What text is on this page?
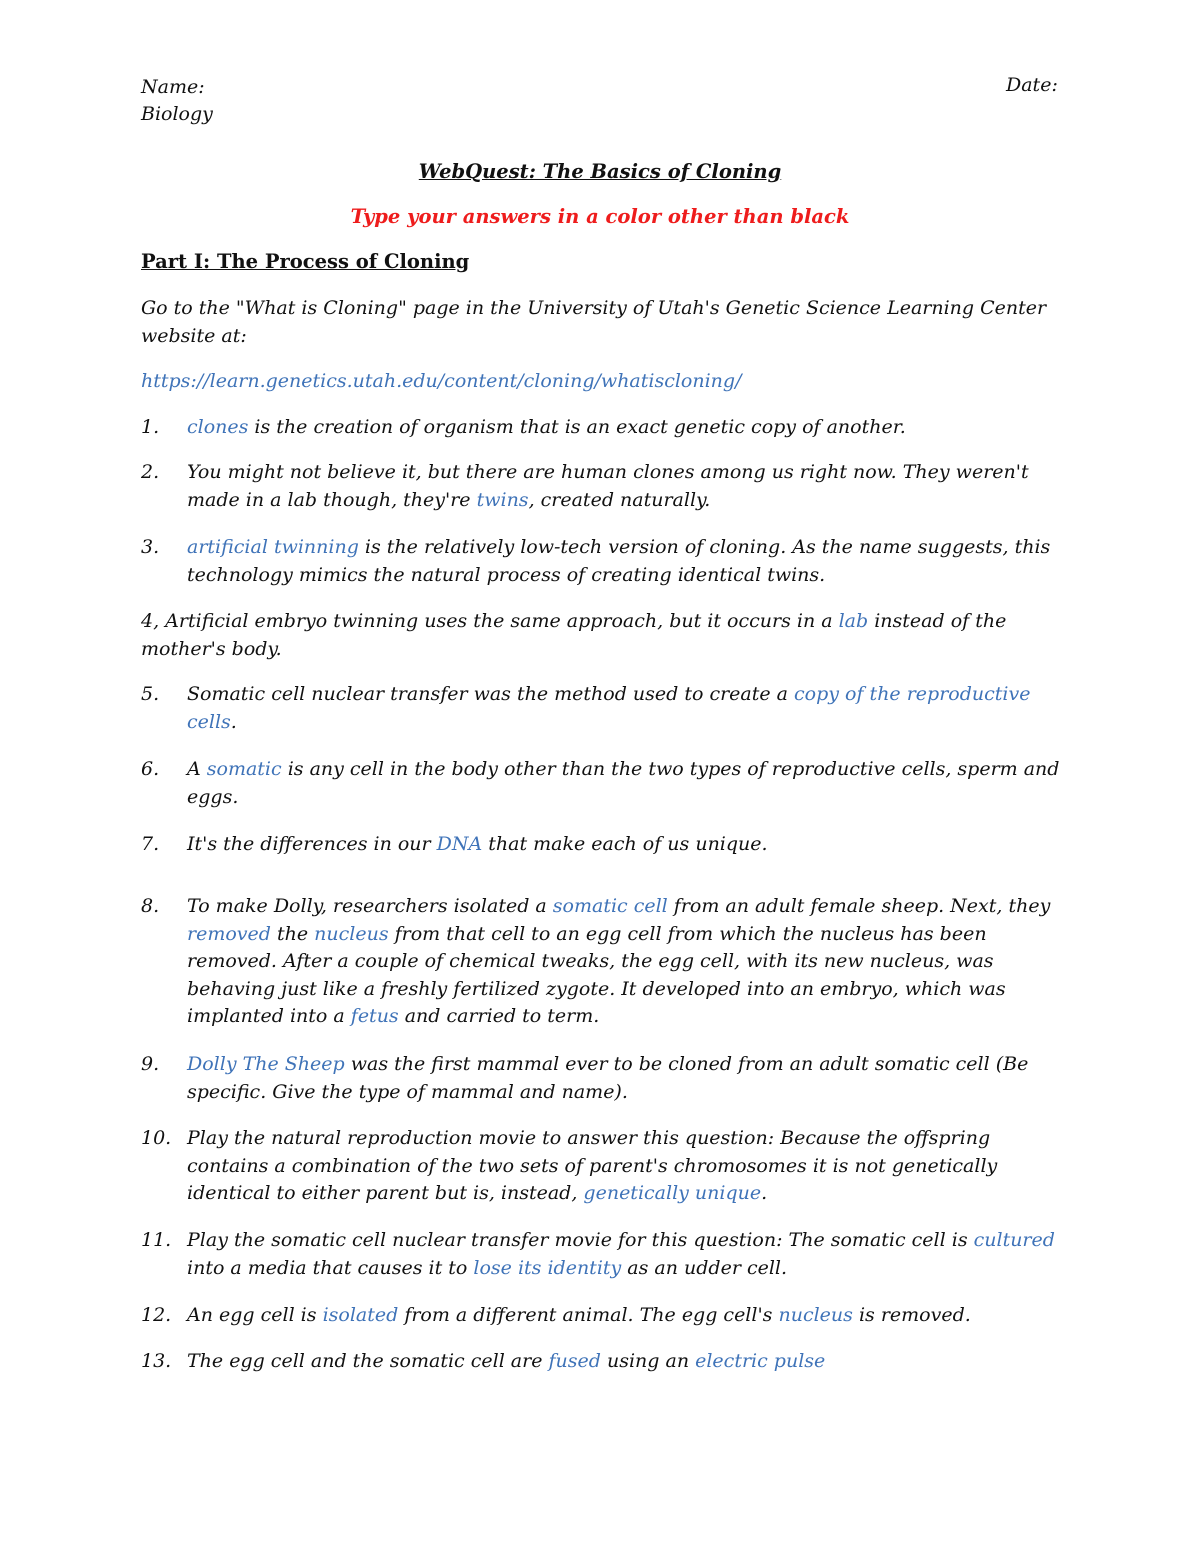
Name:
Biology
Date:
WebQuest: The Basics of Cloning
Type your answers in a color other than black
Part I: The Process of Cloning
Go to the "What is Cloning" page in the University of Utah's Genetic Science Learning Center website at:
https://learn.genetics.utah.edu/content/cloning/whatiscloning/
1. clones is the creation of organism that is an exact genetic copy of another.
2. You might not believe it, but there are human clones among us right now. They weren't made in a lab though, they're twins, created naturally.
3. artificial twinning is the relatively low-tech version of cloning. As the name suggests, this technology mimics the natural process of creating identical twins.
4, Artificial embryo twinning uses the same approach, but it occurs in a lab instead of the mother's body.
5. Somatic cell nuclear transfer was the method used to create a copy of the reproductive cells.
6. A somatic is any cell in the body other than the two types of reproductive cells, sperm and eggs.
7. It's the differences in our DNA that make each of us unique.
8. To make Dolly, researchers isolated a somatic cell from an adult female sheep. Next, they removed the nucleus from that cell to an egg cell from which the nucleus has been removed. After a couple of chemical tweaks, the egg cell, with its new nucleus, was behaving just like a freshly fertilized zygote. It developed into an embryo, which was implanted into a fetus and carried to term.
9. Dolly The Sheep was the first mammal ever to be cloned from an adult somatic cell (Be specific. Give the type of mammal and name).
10. Play the natural reproduction movie to answer this question: Because the offspring contains a combination of the two sets of parent's chromosomes it is not genetically identical to either parent but is, instead, genetically unique.
11. Play the somatic cell nuclear transfer movie for this question: The somatic cell is cultured into a media that causes it to lose its identity as an udder cell.
12. An egg cell is isolated from a different animal. The egg cell's nucleus is removed.
13. The egg cell and the somatic cell are fused using an electric pulse
